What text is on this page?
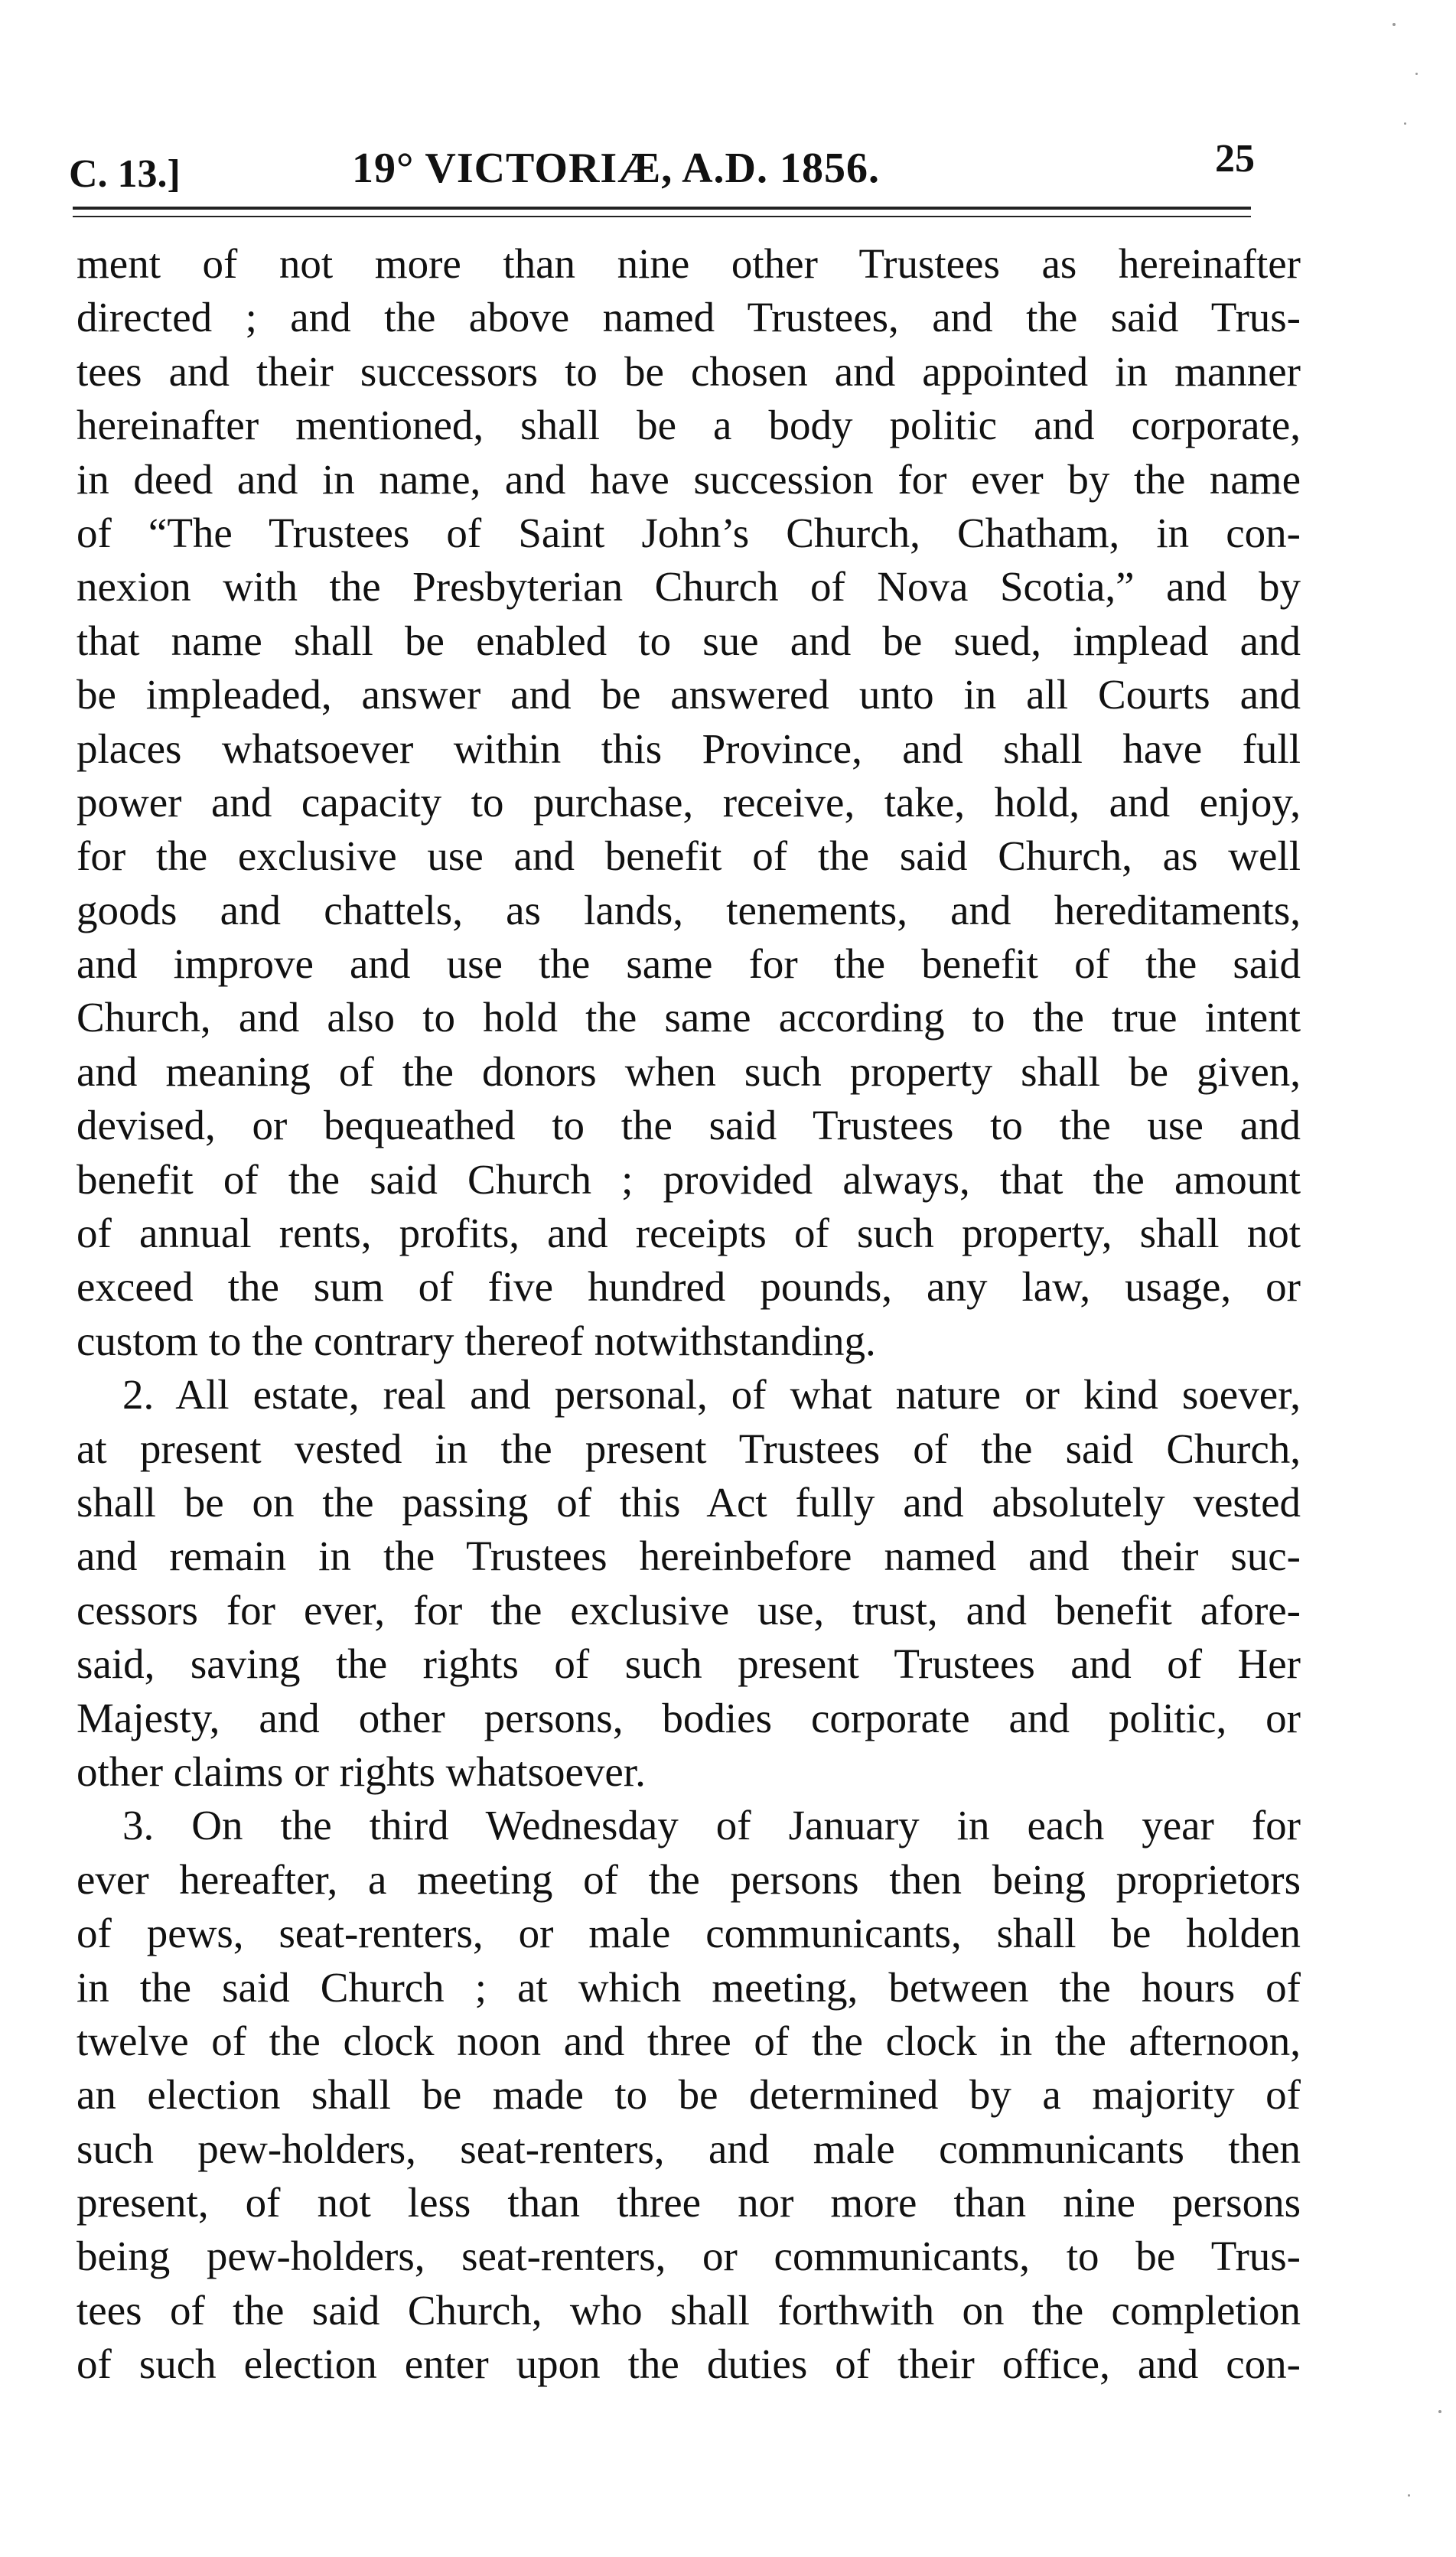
C. 13.]	19° VICTORIÆ, A.D. 1856.	25
ment of not more than nine other Trustees as hereinafter
directed ; and the above named Trustees, and the said Trus-
tees and their successors to be chosen and appointed in manner
hereinafter mentioned, shall be a body politic and corporate,
in deed and in name, and have succession for ever by the name
of “The Trustees of Saint John’s Church, Chatham, in con-
nexion with the Presbyterian Church of Nova Scotia,” and by
that name shall be enabled to sue and be sued, implead and
be impleaded, answer and be answered unto in all Courts and
places whatsoever within this Province, and shall have full
power and capacity to purchase, receive, take, hold, and enjoy,
for the exclusive use and benefit of the said Church, as well
goods and chattels, as lands, tenements, and hereditaments,
and improve and use the same for the benefit of the said
Church, and also to hold the same according to the true intent
and meaning of the donors when such property shall be given,
devised, or bequeathed to the said Trustees to the use and
benefit of the said Church ; provided always, that the amount
of annual rents, profits, and receipts of such property, shall not
exceed the sum of five hundred pounds, any law, usage, or
custom to the contrary thereof notwithstanding.
2. All estate, real and personal, of what nature or kind soever,
at present vested in the present Trustees of the said Church,
shall be on the passing of this Act fully and absolutely vested
and remain in the Trustees hereinbefore named and their suc-
cessors for ever, for the exclusive use, trust, and benefit afore-
said, saving the rights of such present Trustees and of Her
Majesty, and other persons, bodies corporate and politic, or
other claims or rights whatsoever.
3. On the third Wednesday of January in each year for
ever hereafter, a meeting of the persons then being proprietors
of pews, seat-renters, or male communicants, shall be holden
in the said Church ; at which meeting, between the hours of
twelve of the clock noon and three of the clock in the afternoon,
an election shall be made to be determined by a majority of
such pew-holders, seat-renters, and male communicants then
present, of not less than three nor more than nine persons
being pew-holders, seat-renters, or communicants, to be Trus-
tees of the said Church, who shall forthwith on the completion
of such election enter upon the duties of their office, and con-
